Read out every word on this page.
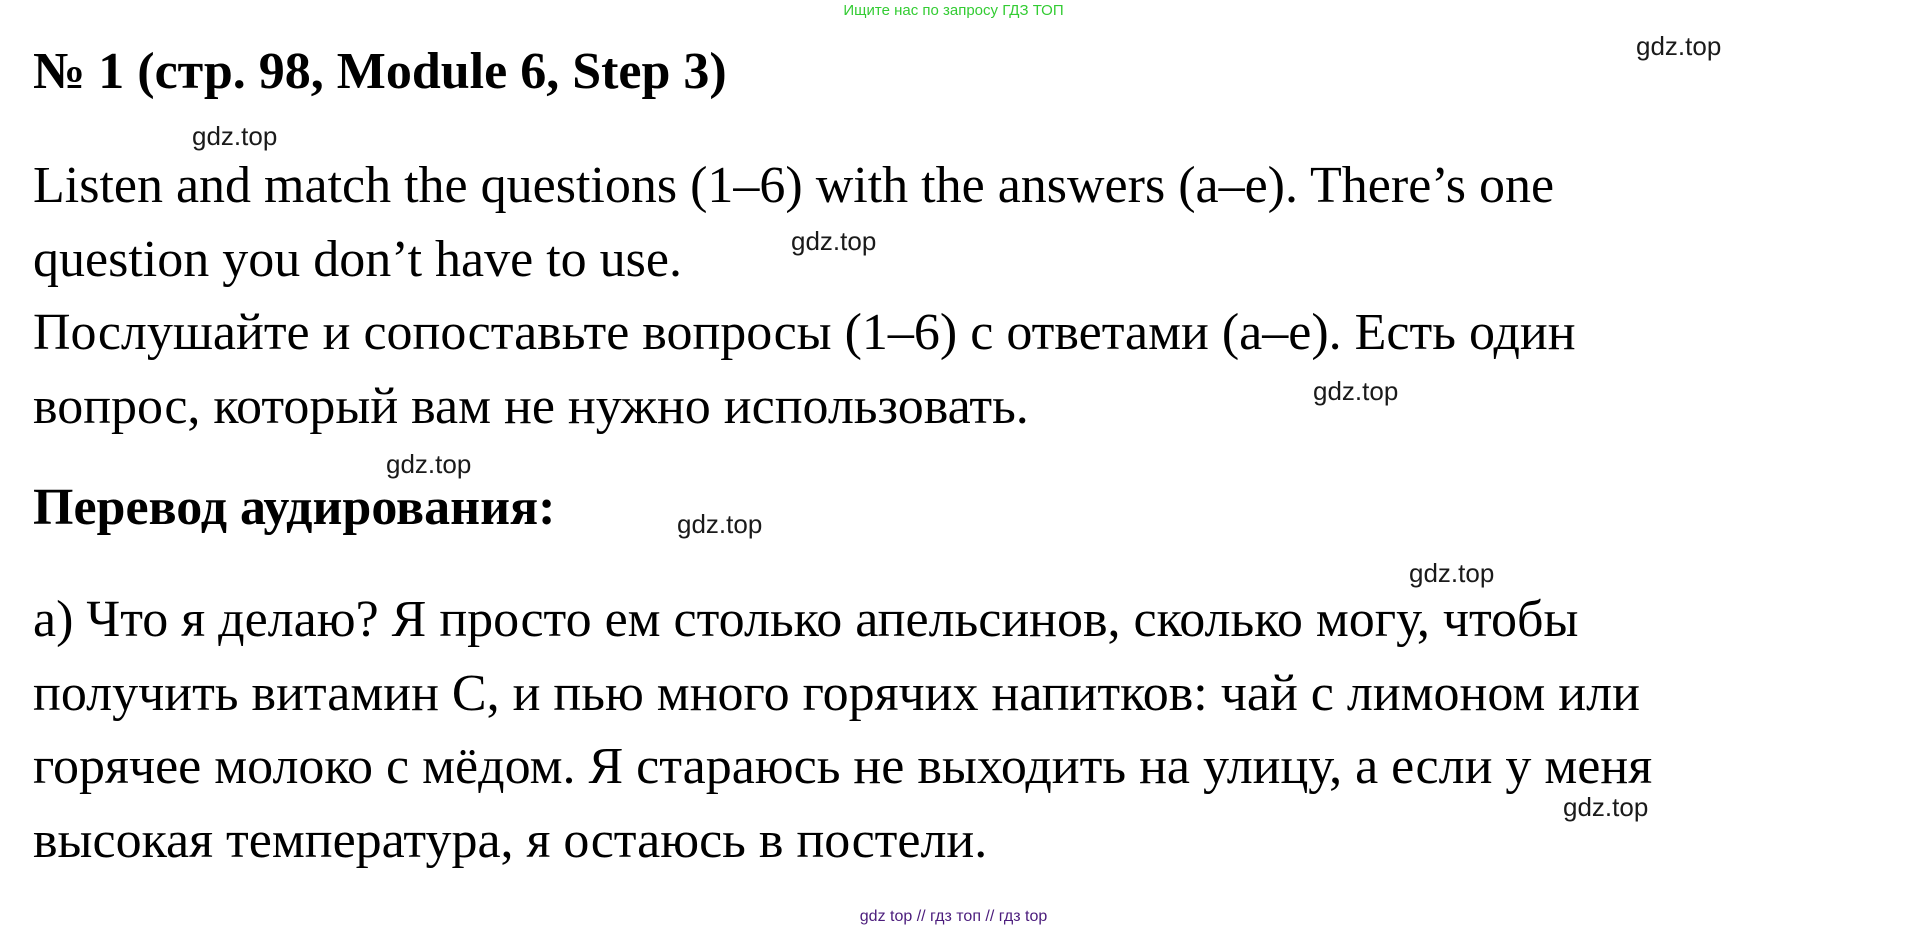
Ищите нас по запросу ГДЗ ТОП
gdz.top
№ 1 (стр. 98, Module 6, Step 3)
gdz.top
Listen and match the questions (1–6) with the answers (a–e). There’s one
question you don’t have to use.	gdz.top
Послушайте и сопоставьте вопросы (1–6) с ответами (а–е). Есть один
вопрос, который вам не нужно использовать.	gdz.top
gdz.top
Перевод аудирования:	gdz.top
gdz.top
а) Что я делаю? Я просто ем столько апельсинов, сколько могу, чтобы
получить витамин С, и пью много горячих напитков: чай с лимоном или
горячее молоко с мёдом. Я стараюсь не выходить на улицу, а если у меня
высокая температура, я остаюсь в постели.
gdz.top
gdz top // гдз топ // гдз top
